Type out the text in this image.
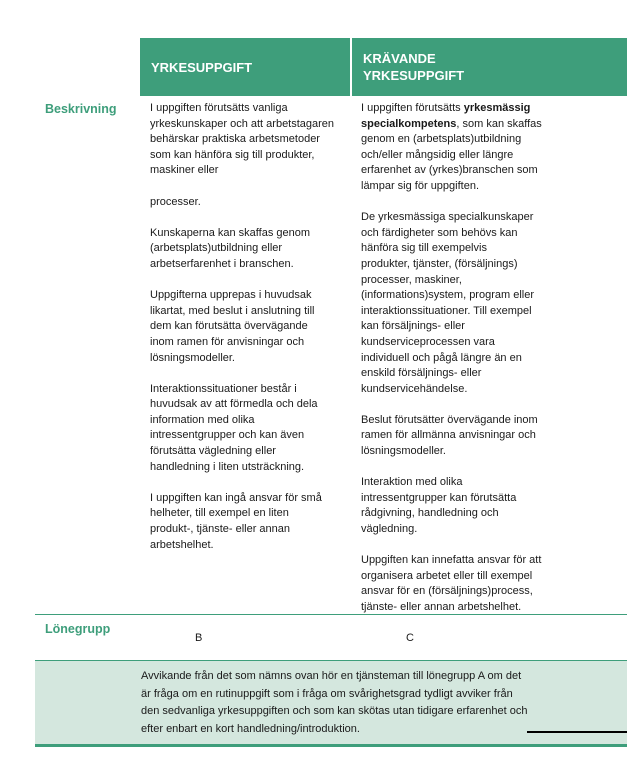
YRKESUPPGIFT
KRÄVANDE
YRKESUPPGIFT
Beskrivning
Lönegrupp

I uppgiften förutsätts vanliga
yrkeskunskaper och att arbetstagaren
behärskar praktiska arbetsmetoder
som kan hänföra sig till produkter,
maskiner eller

processer.

Kunskaperna kan skaffas genom
(arbetsplats)utbildning eller
arbetserfarenhet i branschen.

Uppgifterna upprepas i huvudsak
likartat, med beslut i anslutning till
dem kan förutsätta övervägande
inom ramen för anvisningar och
lösningsmodeller.

Interaktionssituationer består i
huvudsak av att förmedla och dela
information med olika
intressentgrupper och kan även
förutsätta vägledning eller
handledning i liten utsträckning.

I uppgiften kan ingå ansvar för små
helheter, till exempel en liten
produkt-, tjänste- eller annan
arbetshelhet.

I uppgiften förutsätts yrkesmässig
specialkompetens, som kan skaffas
genom en (arbetsplats)utbildning
och/eller mångsidig eller längre
erfarenhet av (yrkes)branschen som
lämpar sig för uppgiften.

De yrkesmässiga specialkunskaper
och färdigheter som behövs kan
hänföra sig till exempelvis
produkter, tjänster, (försäljnings)
processer, maskiner,
(informations)system, program eller
interaktionssituationer. Till exempel
kan försäljnings- eller
kundserviceprocessen vara
individuell och pågå längre än en
enskild försäljnings- eller
kundservicehändelse.

Beslut förutsätter övervägande inom
ramen för allmänna anvisningar och
lösningsmodeller.

Interaktion med olika
intressentgrupper kan förutsätta
rådgivning, handledning och
vägledning.

Uppgiften kan innefatta ansvar för att
organisera arbetet eller till exempel
ansvar för en (försäljnings)process,
tjänste- eller annan arbetshelhet.

B	C
Avvikande från det som nämns ovan hör en tjänsteman till lönegrupp A om det
är fråga om en rutinuppgift som i fråga om svårighetsgrad tydligt avviker från
den sedvanliga yrkesuppgiften och som kan skötas utan tidigare erfarenhet och
efter enbart en kort handledning/introduktion.
